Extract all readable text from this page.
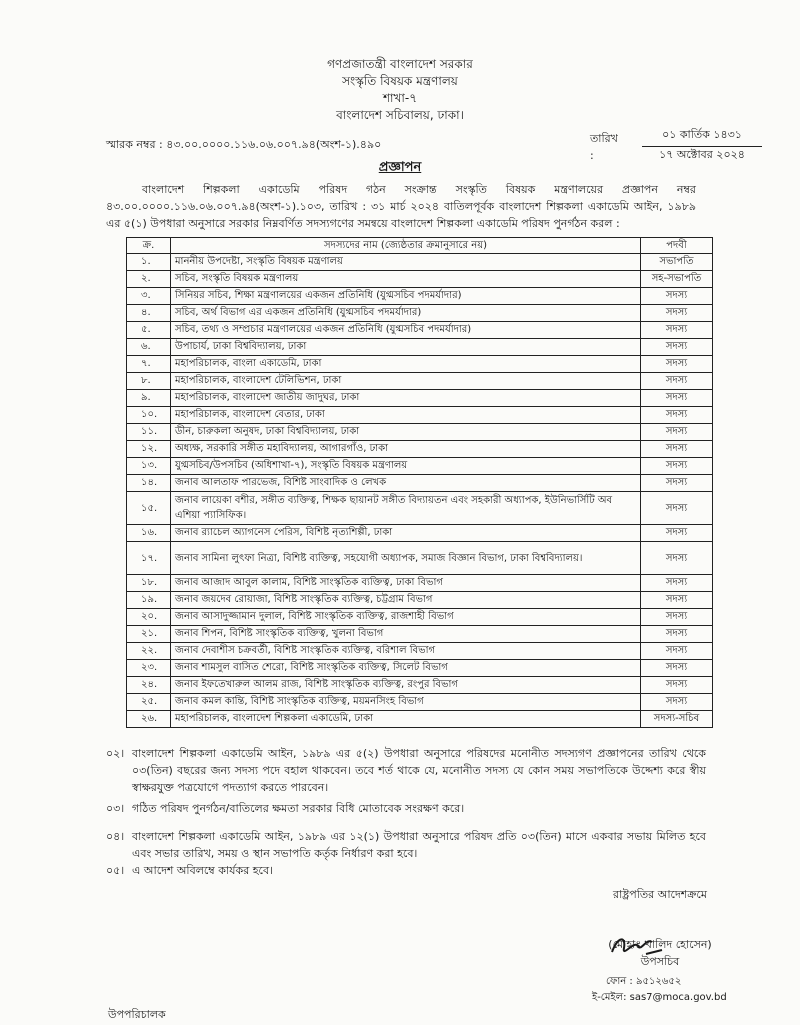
গণপ্রজাতন্ত্রী বাংলাদেশ সরকার
সংস্কৃতি বিষয়ক মন্ত্রণালয়
শাখা-৭
বাংলাদেশ সচিবালয়, ঢাকা।
স্মারক নম্বর : ৪৩.০০.০০০০.১১৬.০৬.০০৭.৯৪(অংশ-১).৪৯০	তারিখ :
০১ কার্তিক ১৪৩১
১৭ অক্টোবর ২০২৪
প্রজ্ঞাপন
বাংলাদেশ শিল্পকলা একাডেমি পরিষদ গঠন সংক্রান্ত সংস্কৃতি বিষয়ক মন্ত্রণালয়ের প্রজ্ঞাপন নম্বর ৪৩.০০.০০০০.১১৬.০৬.০০৭.৯৪(অংশ-১).১০৩, তারিখ : ৩১ মার্চ ২০২৪ বাতিলপূর্বক বাংলাদেশ শিল্পকলা একাডেমি আইন, ১৯৮৯ এর ৫(১) উপধারা অনুসারে সরকার নিম্নবর্ণিত সদস্যগণের সমন্বয়ে বাংলাদেশ শিল্পকলা একাডেমি পরিষদ পুনর্গঠন করল :
ক্র.	সদস্যদের নাম (জ্যেষ্ঠতার ক্রমানুসারে নয়)	পদবী
১.	মাননীয় উপদেষ্টা, সংস্কৃতি বিষয়ক মন্ত্রণালয়	সভাপতি
২.	সচিব, সংস্কৃতি বিষয়ক মন্ত্রণালয়	সহ-সভাপতি
৩.	সিনিয়র সচিব, শিক্ষা মন্ত্রণালয়ের একজন প্রতিনিধি (যুগ্মসচিব পদমর্যাদার)	সদস্য
৪.	সচিব, অর্থ বিভাগ এর একজন প্রতিনিধি (যুগ্মসচিব পদমর্যাদার)	সদস্য
৫.	সচিব, তথ্য ও সম্প্রচার মন্ত্রণালয়ের একজন প্রতিনিধি (যুগ্মসচিব পদমর্যাদার)	সদস্য
৬.	উপাচার্য, ঢাকা বিশ্ববিদ্যালয়, ঢাকা	সদস্য
৭.	মহাপরিচালক, বাংলা একাডেমি, ঢাকা	সদস্য
৮.	মহাপরিচালক, বাংলাদেশ টেলিভিশন, ঢাকা	সদস্য
৯.	মহাপরিচালক, বাংলাদেশ জাতীয় জাদুঘর, ঢাকা	সদস্য
১০.	মহাপরিচালক, বাংলাদেশ বেতার, ঢাকা	সদস্য
১১.	ডীন, চারুকলা অনুষদ, ঢাকা বিশ্ববিদ্যালয়, ঢাকা	সদস্য
১২.	অধ্যক্ষ, সরকারি সঙ্গীত মহাবিদ্যালয়, আগারগাঁও, ঢাকা	সদস্য
১৩.	যুগ্মসচিব/উপসচিব (অধিশাখা-৭), সংস্কৃতি বিষয়ক মন্ত্রণালয়	সদস্য
১৪.	জনাব আলতাফ পারভেজ, বিশিষ্ট সাংবাদিক ও লেখক	সদস্য
১৫.	জনাব লায়েকা বশীর, সঙ্গীত ব্যক্তিত্ব, শিক্ষক ছায়ানট সঙ্গীত বিদ্যায়তন এবং সহকারী অধ্যাপক, ইউনিভার্সিটি অব এশিয়া প্যাসিফিক।	সদস্য
১৬.	জনাব র‍্যাচেল অ্যাগনেস পেরিস, বিশিষ্ট নৃত্যশিল্পী, ঢাকা	সদস্য
১৭.	জনাব সামিনা লুৎফা নিত্রা, বিশিষ্ট ব্যক্তিত্ব, সহযোগী অধ্যাপক, সমাজ বিজ্ঞান বিভাগ, ঢাকা বিশ্ববিদ্যালয়।	সদস্য
১৮.	জনাব আজাদ আবুল কালাম, বিশিষ্ট সাংস্কৃতিক ব্যক্তিত্ব, ঢাকা বিভাগ	সদস্য
১৯.	জনাব জয়দেব রোয়াজা, বিশিষ্ট সাংস্কৃতিক ব্যক্তিত্ব, চট্টগ্রাম বিভাগ	সদস্য
২০.	জনাব আসাদুজ্জামান দুলাল, বিশিষ্ট সাংস্কৃতিক ব্যক্তিত্ব, রাজশাহী বিভাগ	সদস্য
২১.	জনাব শিপন, বিশিষ্ট সাংস্কৃতিক ব্যক্তিত্ব, খুলনা বিভাগ	সদস্য
২২.	জনাব দেবাশীস চক্রবর্তী, বিশিষ্ট সাংস্কৃতিক ব্যক্তিত্ব, বরিশাল বিভাগ	সদস্য
২৩.	জনাব শামসুল বাসিত শেরো, বিশিষ্ট সাংস্কৃতিক ব্যক্তিত্ব, সিলেট বিভাগ	সদস্য
২৪.	জনাব ইফতেখারুল আলম রাজ, বিশিষ্ট সাংস্কৃতিক ব্যক্তিত্ব, রংপুর বিভাগ	সদস্য
২৫.	জনাব কমল কান্তি, বিশিষ্ট সাংস্কৃতিক ব্যক্তিত্ব, ময়মনসিংহ বিভাগ	সদস্য
২৬.	মহাপরিচালক, বাংলাদেশ শিল্পকলা একাডেমি, ঢাকা	সদস্য-সচিব
০২। বাংলাদেশ শিল্পকলা একাডেমি আইন, ১৯৮৯ এর ৫(২) উপধারা অনুসারে পরিষদের মনোনীত সদস্যগণ প্রজ্ঞাপনের তারিখ থেকে ০৩(তিন) বছরের জন্য সদস্য পদে বহাল থাকবেন। তবে শর্ত থাকে যে, মনোনীত সদস্য যে কোন সময় সভাপতিকে উদ্দেশ্য করে স্বীয় স্বাক্ষরযুক্ত পত্রযোগে পদত্যাগ করতে পারবেন।
০৩। গঠিত পরিষদ পুনর্গঠন/বাতিলের ক্ষমতা সরকার বিধি মোতাবেক সংরক্ষণ করে।
০৪। বাংলাদেশ শিল্পকলা একাডেমি আইন, ১৯৮৯ এর ১২(১) উপধারা অনুসারে পরিষদ প্রতি ০৩(তিন) মাসে একবার সভায় মিলিত হবে এবং সভার তারিখ, সময় ও স্থান সভাপতি কর্তৃক নির্ধারণ করা হবে।
০৫। এ আদেশ অবিলম্বে কার্যকর হবে।
রাষ্ট্রপতির আদেশক্রমে
(মোহাঃ খালিদ হোসেন)
উপসচিব
ফোন : ৯৫১২৬৫২
ই-মেইল: sas7@moca.gov.bd
উপপরিচালক
